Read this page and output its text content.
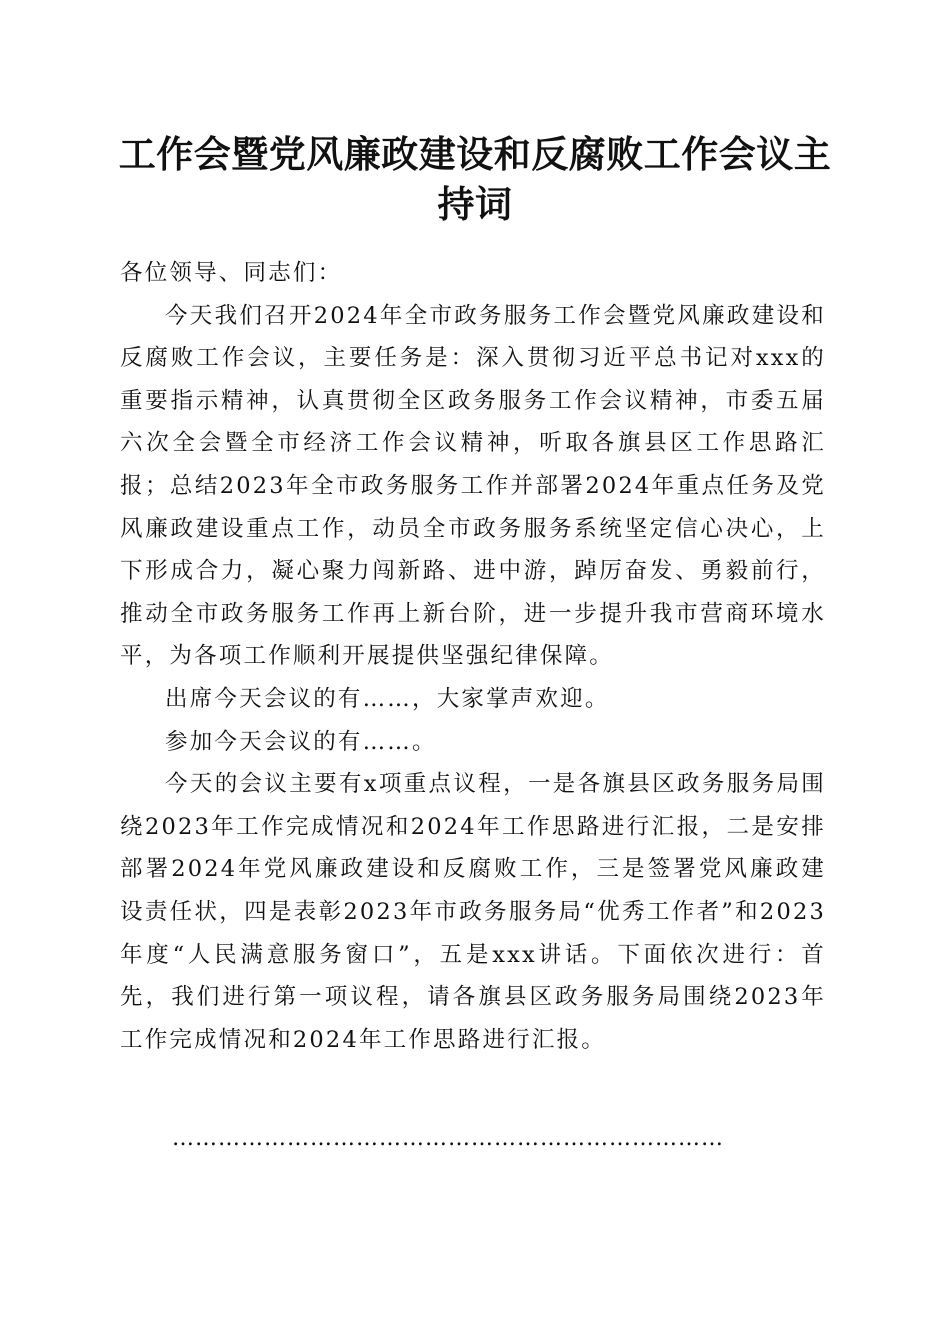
工作会暨党风廉政建设和反腐败工作会议主持词

各位领导、同志们：

今天我们召开2024年全市政务服务工作会暨党风廉政建设和反腐败工作会议，主要任务是：深入贯彻习近平总书记对xxx的重要指示精神，认真贯彻全区政务服务工作会议精神，市委五届六次全会暨全市经济工作会议精神，听取各旗县区工作思路汇报；总结2023年全市政务服务工作并部署2024年重点任务及党风廉政建设重点工作，动员全市政务服务系统坚定信心决心，上下形成合力，凝心聚力闯新路、进中游，踔厉奋发、勇毅前行，推动全市政务服务工作再上新台阶，进一步提升我市营商环境水平，为各项工作顺利开展提供坚强纪律保障。

出席今天会议的有……，大家掌声欢迎。

参加今天会议的有……。

今天的会议主要有x项重点议程，一是各旗县区政务服务局围绕2023年工作完成情况和2024年工作思路进行汇报，二是安排部署2024年党风廉政建设和反腐败工作，三是签署党风廉政建设责任状，四是表彰2023年市政务服务局“优秀工作者”和2023年度“人民满意服务窗口”，五是xxx讲话。下面依次进行：首先，我们进行第一项议程，请各旗县区政务服务局围绕2023年工作完成情况和2024年工作思路进行汇报。

………………………………………………………………
